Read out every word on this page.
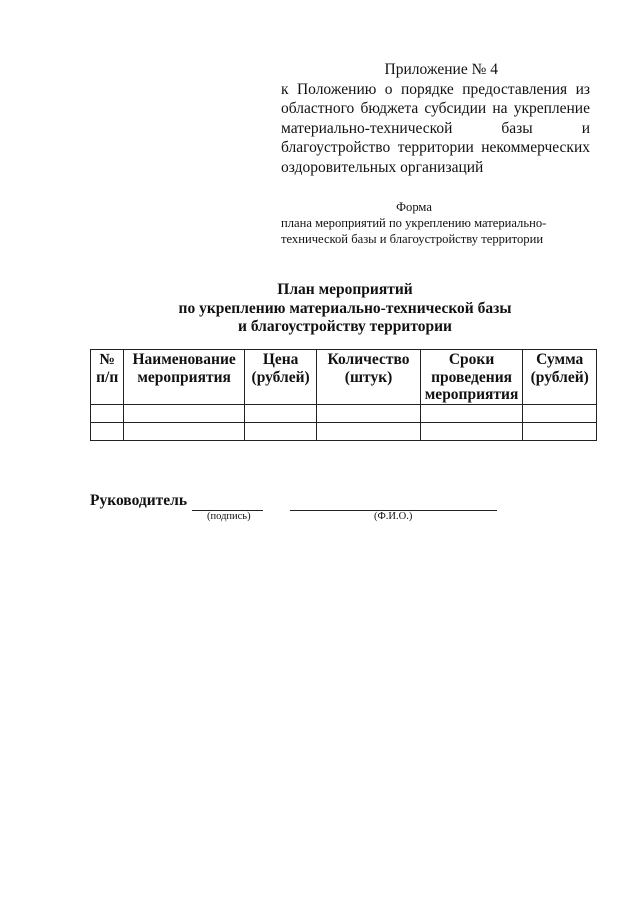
Приложение № 4
к Положению о порядке предоставления из областного бюджета субсидии на укрепление материально-технической базы и благоустройство территории некоммерческих оздоровительных организаций
Форма
плана мероприятий по укреплению материально-технической базы и благоустройству территории
План мероприятий
по укреплению материально-технической базы
и благоустройству территории
№ п/п	Наименование мероприятия	Цена (рублей)	Количество (штук)	Сроки проведения мероприятия	Сумма (рублей)

Руководитель
(подпись)	(Ф.И.О.)
